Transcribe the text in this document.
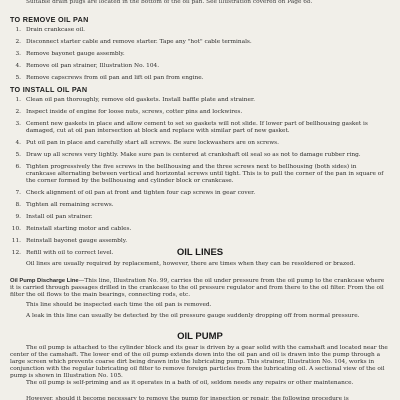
Suitable drain plugs are located in the bottom of the oil pan. See illustration covered on Page 68.

TO REMOVE OIL PAN
1. Drain crankcase oil.
2. Disconnect starter cable and remove starter. Tape any "hot" cable terminals.
3. Remove bayonet gauge assembly.
4. Remove oil pan strainer, Illustration No. 104.
5. Remove capscrews from oil pan and lift oil pan from engine.
TO INSTALL OIL PAN
1. Clean oil pan thoroughly, remove old gaskets. Install baffle plate and strainer.
2. Inspect inside of engine for loose nuts, screws, cotter pins and lockwires.
3. Cement new gaskets in place and allow cement to set so gaskets will not slide. If lower part of bellhousing gasket is damaged, cut at oil pan intersection at block and replace with similar part of new gasket.
4. Put oil pan in place and carefully start all screws. Be sure lockwashers are on screws.
5. Draw up all screws very lightly. Make sure pan is centered at crankshaft oil seal so as not to damage rubber ring.
6. Tighten progressively the five screws in the bellhousing and the three screws next to bellhousing (both sides) in crankcase alternating between vertical and horizontal screws until tight. This is to pull the corner of the pan in square of the corner formed by the bellhousing and cylinder block or crankcase.
7. Check alignment of oil pan at front and tighten four cap screws in gear cover.
8. Tighten all remaining screws.
9. Install oil pan strainer.
10. Reinstall starting motor and cables.
11. Reinstall bayonet gauge assembly.
12. Refill with oil to correct level.	OIL LINES

Oil lines are usually required by replacement, however, there are times when they can be resoldered or brazed.

Oil Pump Discharge Line—This line, Illustration No. 99, carries the oil under pressure from the oil pump to the crankcase where it is carried through passages drilled in the crankcase to the oil pressure regulator and from there to the oil filter. From the oil filter the oil flows to the main bearings, connecting rods, etc.

This line should be inspected each time the oil pan is removed.

A leak in this line can usually be detected by the oil pressure gauge suddenly dropping off from normal pressure.

OIL PUMP

The oil pump is attached to the cylinder block and its gear is driven by a gear solid with the camshaft and located near the center of the camshaft. The lower end of the oil pump extends down into the oil pan and oil is drawn into the pump through a large screen which prevents coarse dirt being drawn into the lubricating pump. This strainer, Illustration No. 104, works in conjunction with the regular lubricating oil filter to remove foreign particles from the lubricating oil. A sectional view of the oil pump is shown in Illustration No. 105.

The oil pump is self-priming and as it operates in a bath of oil, seldom needs any repairs or other maintenance.

However, should it become necessary to remove the pump for inspection or repair, the following procedure is
